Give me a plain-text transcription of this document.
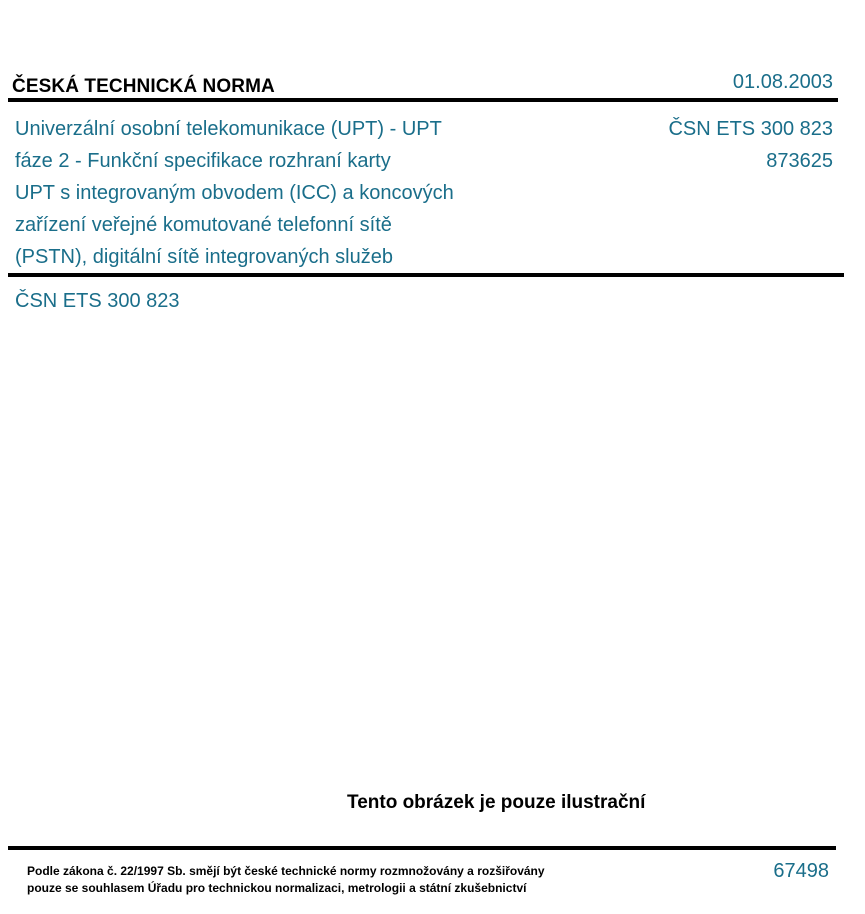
ČESKÁ TECHNICKÁ NORMA	01.08.2003
Univerzální osobní telekomunikace (UPT) - UPT
fáze 2 - Funkční specifikace rozhraní karty
UPT s integrovaným obvodem (ICC) a koncových
zařízení veřejné komutované telefonní sítě
(PSTN), digitální sítě integrovaných služeb
ČSN ETS 300 823
873625
ČSN ETS 300 823
Tento obrázek je pouze ilustrační
Podle zákona č. 22/1997 Sb. smějí být české technické normy rozmnožovány a rozšiřovány
pouze se souhlasem Úřadu pro technickou normalizaci, metrologii a státní zkušebnictví
67498
